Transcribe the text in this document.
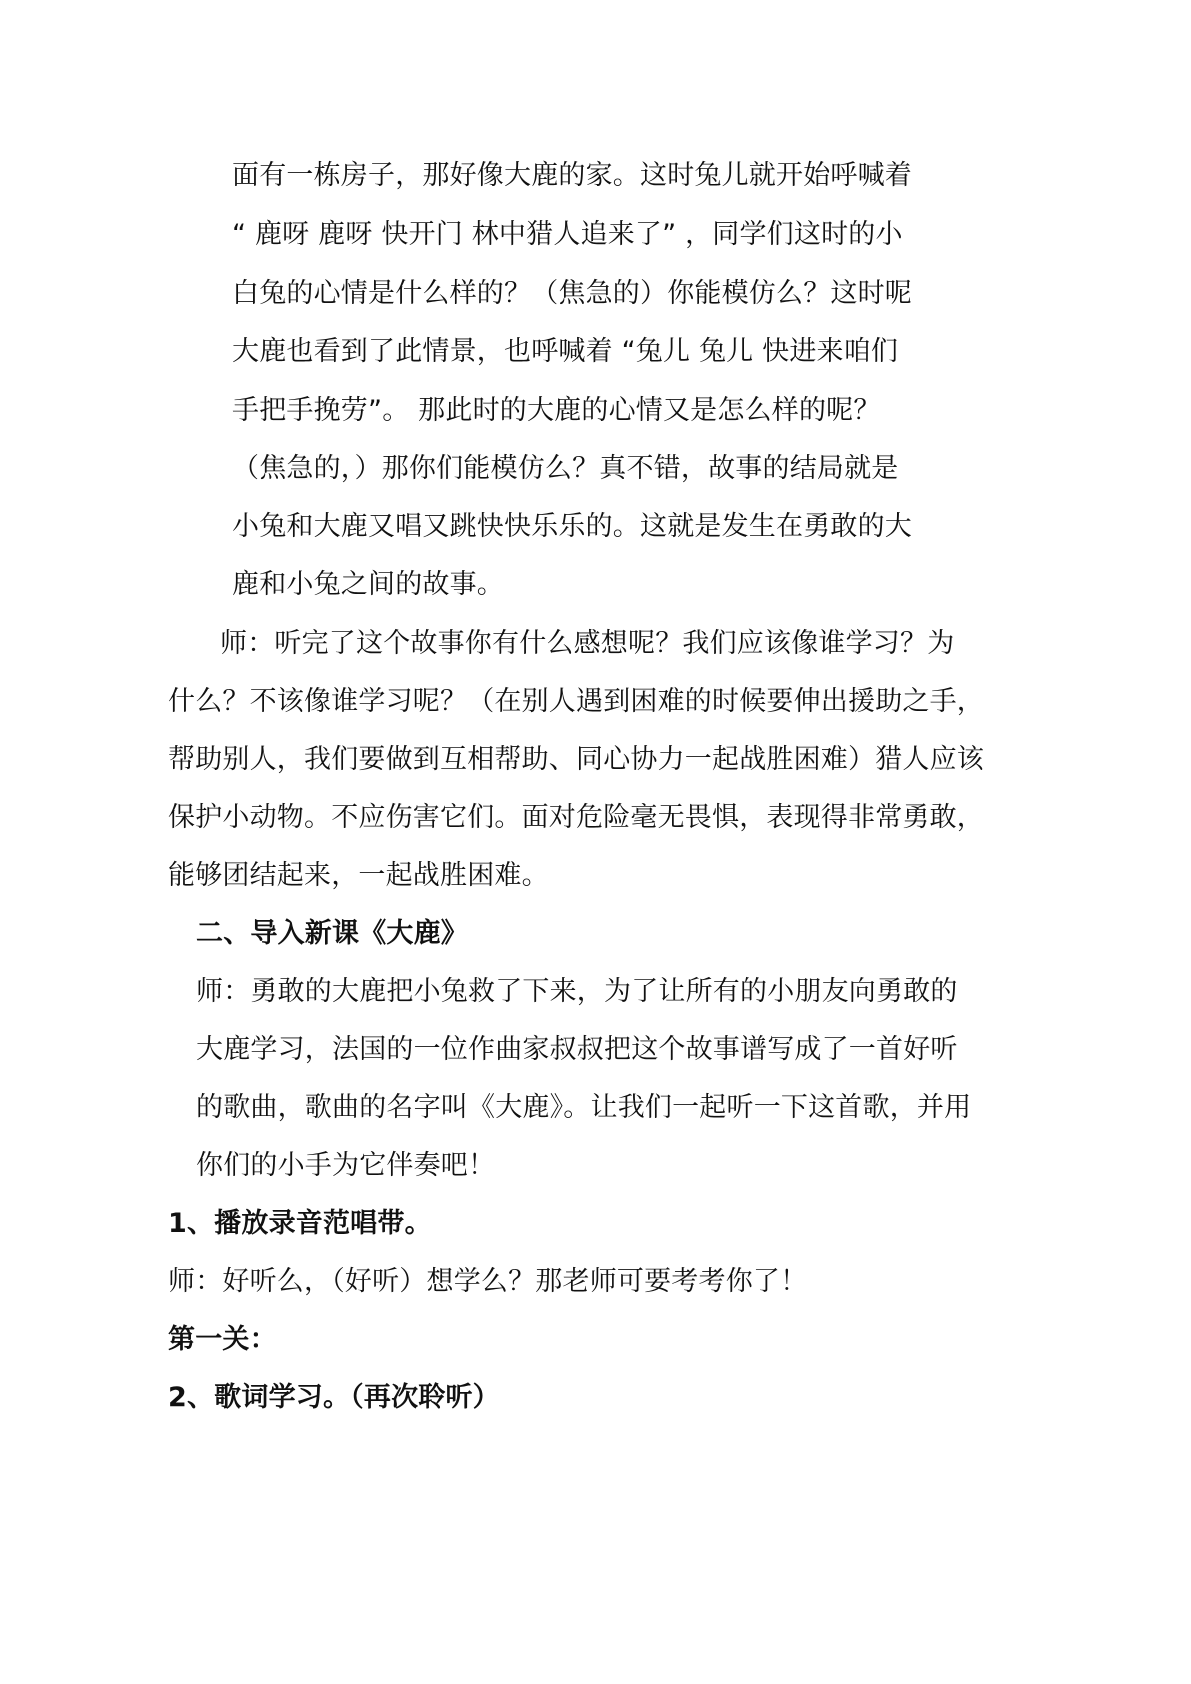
面有一栋房子，那好像大鹿的家。这时兔儿就开始呼喊着
“ 鹿呀 鹿呀 快开门 林中猎人追来了” ，同学们这时的小
白兔的心情是什么样的？（焦急的）你能模仿么？这时呢
大鹿也看到了此情景，也呼喊着 “兔儿 兔儿 快进来咱们
手把手挽劳”。 那此时的大鹿的心情又是怎么样的呢？
（焦急的，）那你们能模仿么？真不错，故事的结局就是
小兔和大鹿又唱又跳快快乐乐的。这就是发生在勇敢的大
鹿和小兔之间的故事。
师：听完了这个故事你有什么感想呢？我们应该像谁学习？为
什么？不该像谁学习呢？（在别人遇到困难的时候要伸出援助之手，
帮助别人，我们要做到互相帮助、同心协力一起战胜困难）猎人应该
保护小动物。不应伤害它们。面对危险毫无畏惧，表现得非常勇敢，
能够团结起来，一起战胜困难。
二、导入新课《大鹿》
师：勇敢的大鹿把小兔救了下来，为了让所有的小朋友向勇敢的
大鹿学习，法国的一位作曲家叔叔把这个故事谱写成了一首好听
的歌曲，歌曲的名字叫《大鹿》。让我们一起听一下这首歌，并用
你们的小手为它伴奏吧！
1、播放录音范唱带。
师：好听么，（好听）想学么？那老师可要考考你了！
第一关：
2、歌词学习。（再次聆听）
